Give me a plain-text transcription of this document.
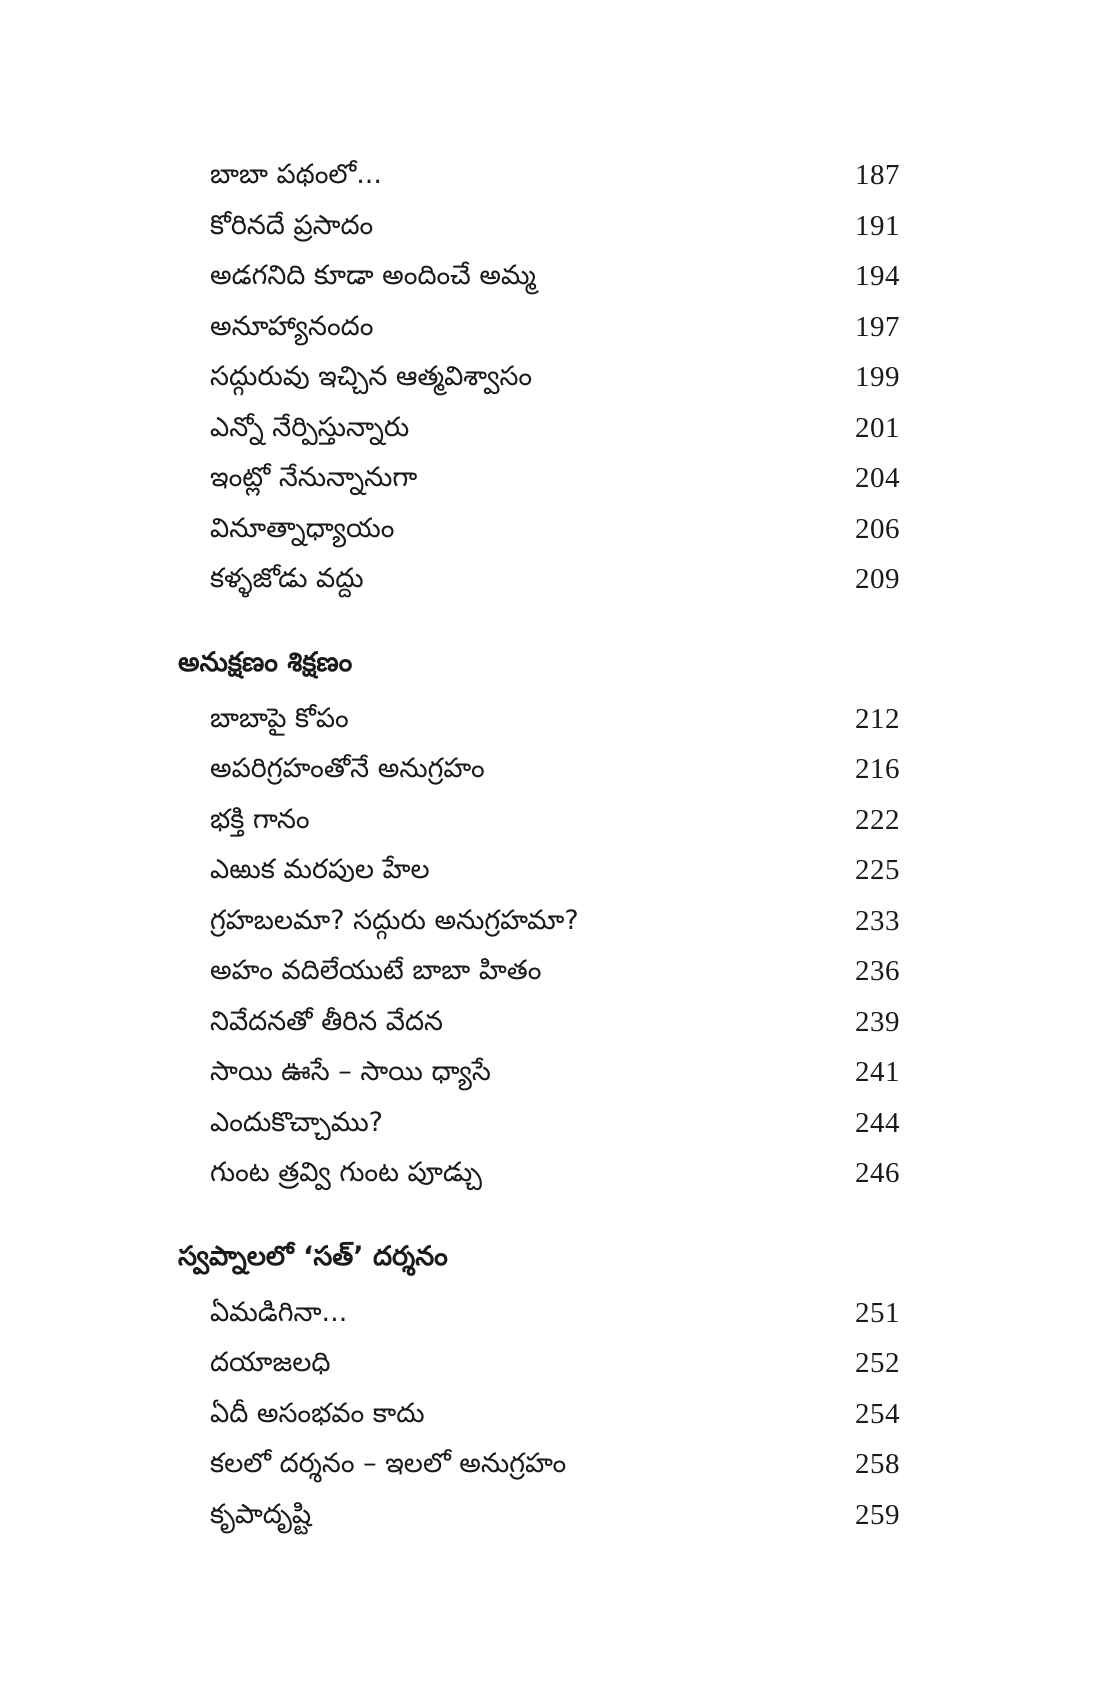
బాబా పథంలో...	187
కోరినదే ప్రసాదం	191
అడగనిది కూడా అందించే అమ్మ	194
అనూహ్యానందం	197
సద్గురువు ఇచ్చిన ఆత్మవిశ్వాసం	199
ఎన్నో నేర్పిస్తున్నారు	201
ఇంట్లో నేనున్నానుగా	204
వినూత్నాధ్యాయం	206
కళ్ళజోడు వద్దు	209
అనుక్షణం శిక్షణం
బాబాపై కోపం	212
అపరిగ్రహంతోనే అనుగ్రహం	216
భక్తి గానం	222
ఎఱుక మరపుల హేల	225
గ్రహబలమా? సద్గురు అనుగ్రహమా?	233
అహం వదిలేయుటే బాబా హితం	236
నివేదనతో తీరిన వేదన	239
సాయి ఊసే – సాయి ధ్యాసే	241
ఎందుకొచ్చాము?	244
గుంట త్రవ్వి గుంట పూడ్చు	246
స్వప్నాలలో ‘సత్’ దర్శనం
ఏమడిగినా...	251
దయాజలధి	252
ఏదీ అసంభవం కాదు	254
కలలో దర్శనం – ఇలలో అనుగ్రహం	258
కృపాదృష్టి	259
